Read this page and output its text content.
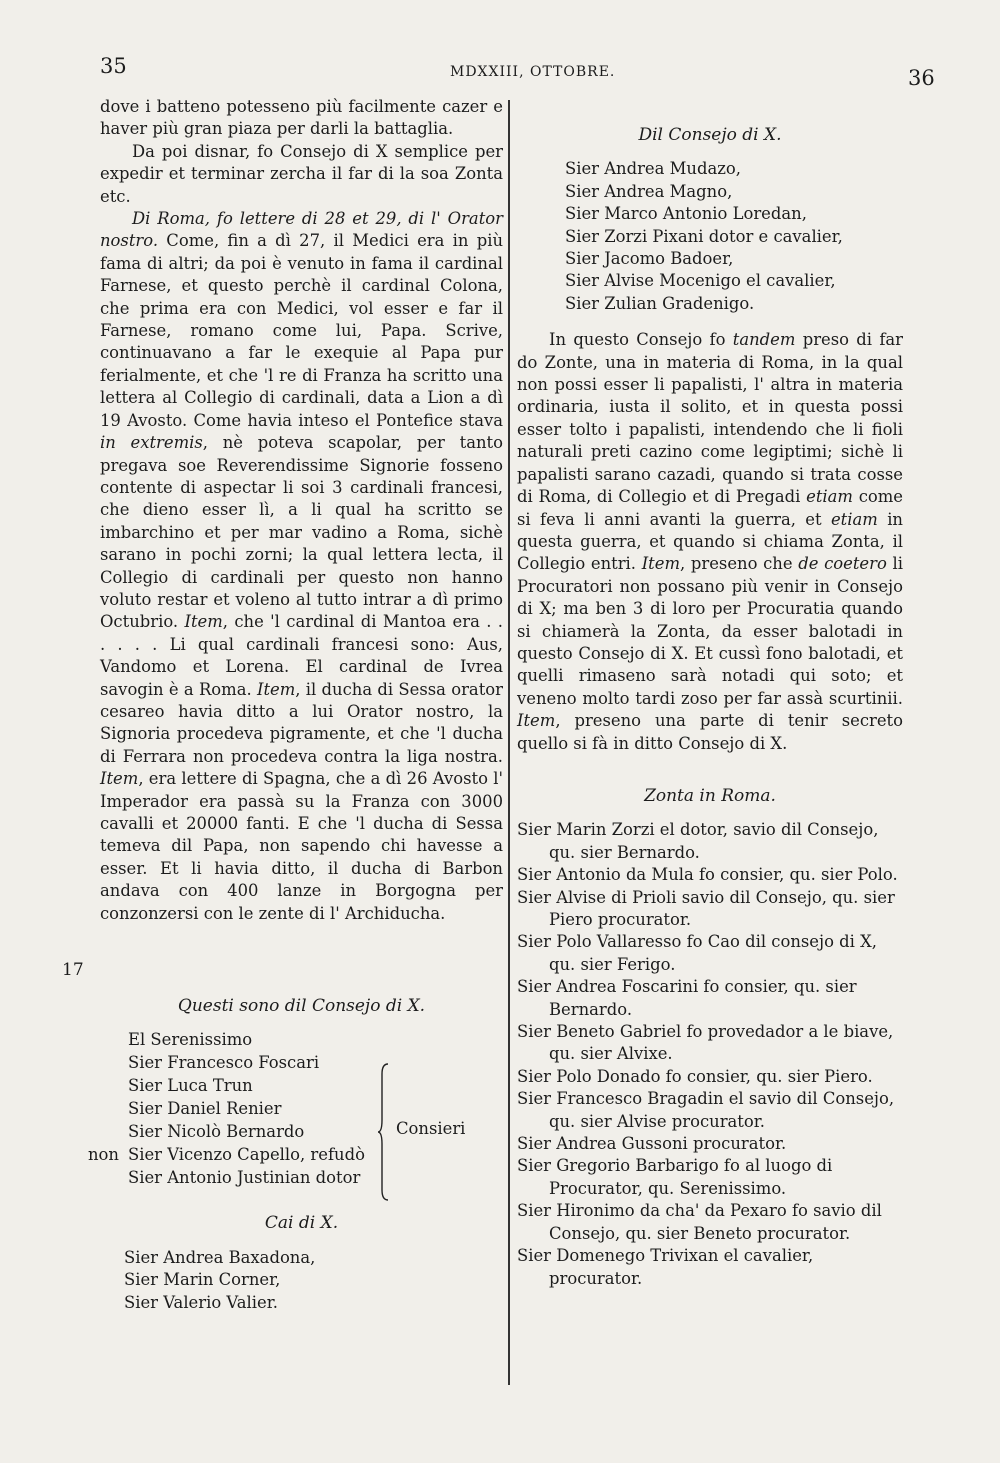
35	MDXXIII, OTTOBRE.	36

dove i batteno potesseno più facilmente cazer e haver più gran piaza per darli la battaglia.

Da poi disnar, fo Consejo di X semplice per expedir et terminar zercha il far di la soa Zonta etc.

Di Roma, fo lettere di 28 et 29, di l' Orator nostro. Come, fin a dì 27, il Medici era in più fama di altri; da poi è venuto in fama il cardinal Farnese, et questo perchè il cardinal Colona, che prima era con Medici, vol esser e far il Farnese, romano come lui, Papa. Scrive, continuavano a far le exequie al Papa pur ferialmente, et che 'l re di Franza ha scritto una lettera al Collegio di cardinali, data a Lion a dì 19 Avosto. Come havia inteso el Pontefice stava in extremis, nè poteva scapolar, per tanto pregava soe Reverendissime Signorie fosseno contente di aspectar li soi 3 cardinali francesi, che dieno esser lì, a li qual ha scritto se imbarchino et per mar vadino a Roma, sichè sarano in pochi zorni; la qual lettera lecta, il Collegio di cardinali per questo non hanno voluto restar et voleno al tutto intrar a dì primo Octubrio. Item, che 'l cardinal di Mantoa era . . . . . . Li qual cardinali francesi sono: Aus, Vandomo et Lorena. El cardinal de Ivrea savogin è a Roma. Item, il ducha di Sessa orator cesareo havia ditto a lui Orator nostro, la Signoria procedeva pigramente, et che 'l ducha di Ferrara non procedeva contra la liga nostra. Item, era lettere di Spagna, che a dì 26 Avosto l' Imperador era passà su la Franza con 3000 cavalli et 20000 fanti. E che 'l ducha di Sessa temeva dil Papa, non sapendo chi havesse a esser. Et li havia ditto, il ducha di Barbon andava con 400 lanze in Borgogna per conzonzersi con le zente di l' Archiducha.

Questi sono dil Consejo di X.
El Serenissimo
Sier Francesco Foscari
Sier Luca Trun
Sier Daniel Renier
Sier Nicolò Bernardo
non Sier Vicenzo Capello, refudò
Sier Antonio Justinian dotor
Consieri
Cai di X.

Sier Andrea Baxadona,

Sier Marin Corner,

Sier Valerio Valier.

17
Dil Consejo di X.

Sier Andrea Mudazo,

Sier Andrea Magno,

Sier Marco Antonio Loredan,

Sier Zorzi Pixani dotor e cavalier,

Sier Jacomo Badoer,

Sier Alvise Mocenigo el cavalier,

Sier Zulian Gradenigo.

In questo Consejo fo tandem preso di far do Zonte, una in materia di Roma, in la qual non possi esser li papalisti, l' altra in materia ordinaria, iusta il solito, et in questa possi esser tolto i papalisti, intendendo che li fioli naturali preti cazino come legiptimi; sichè li papalisti sarano cazadi, quando si trata cosse di Roma, di Collegio et di Pregadi etiam come si feva li anni avanti la guerra, et etiam in questa guerra, et quando si chiama Zonta, il Collegio entri. Item, preseno che de coetero li Procuratori non possano più venir in Consejo di X; ma ben 3 di loro per Procuratia quando si chiamerà la Zonta, da esser balotadi in questo Consejo di X. Et cussì fono balotadi, et quelli rimaseno sarà notadi qui soto; et veneno molto tardi zoso per far assà scurtinii. Item, preseno una parte di tenir secreto quello si fà in ditto Consejo di X.

Zonta in Roma.

Sier Marin Zorzi el dotor, savio dil Consejo, qu. sier Bernardo.

Sier Antonio da Mula fo consier, qu. sier Polo.

Sier Alvise di Prioli savio dil Consejo, qu. sier Piero procurator.

Sier Polo Vallaresso fo Cao dil consejo di X, qu. sier Ferigo.

Sier Andrea Foscarini fo consier, qu. sier Bernardo.

Sier Beneto Gabriel fo provedador a le biave, qu. sier Alvixe.

Sier Polo Donado fo consier, qu. sier Piero.

Sier Francesco Bragadin el savio dil Consejo, qu. sier Alvise procurator.

Sier Andrea Gussoni procurator.

Sier Gregorio Barbarigo fo al luogo di Procurator, qu. Serenissimo.

Sier Hironimo da cha' da Pexaro fo savio dil Consejo, qu. sier Beneto procurator.

Sier Domenego Trivixan el cavalier, procurator.
